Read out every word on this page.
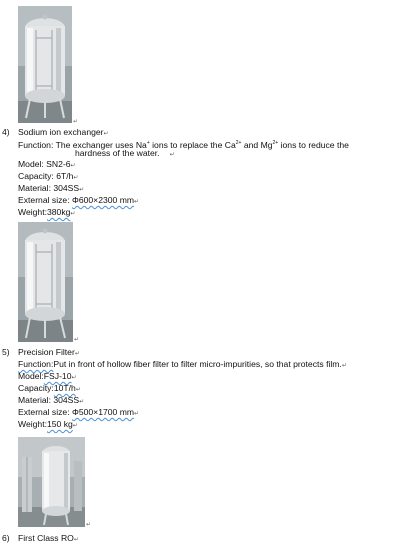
↵
4) Sodium ion exchanger↵
Function: The exchanger uses Na+ ions to replace the $Ca^{2+}$ and $Mg^{2+}$ ions to reduce the
hardness of the water. ↵
Model: SN2-6↵
Capacity: 6T/h↵
Material: 304SS↵
External size: Φ600×2300 mm↵
Weight:380kg↵
↵
5) Precision Filter↵
Function:Put in front of hollow fiber filter to filter micro-impurities, so that protects film.↵
Model:FSJ-10↵
Capacity:10T/h↵
Material: 304SS↵
External size: Φ500×1700 mm↵
Weight:150 kg↵
↵
6) First Class RO↵
